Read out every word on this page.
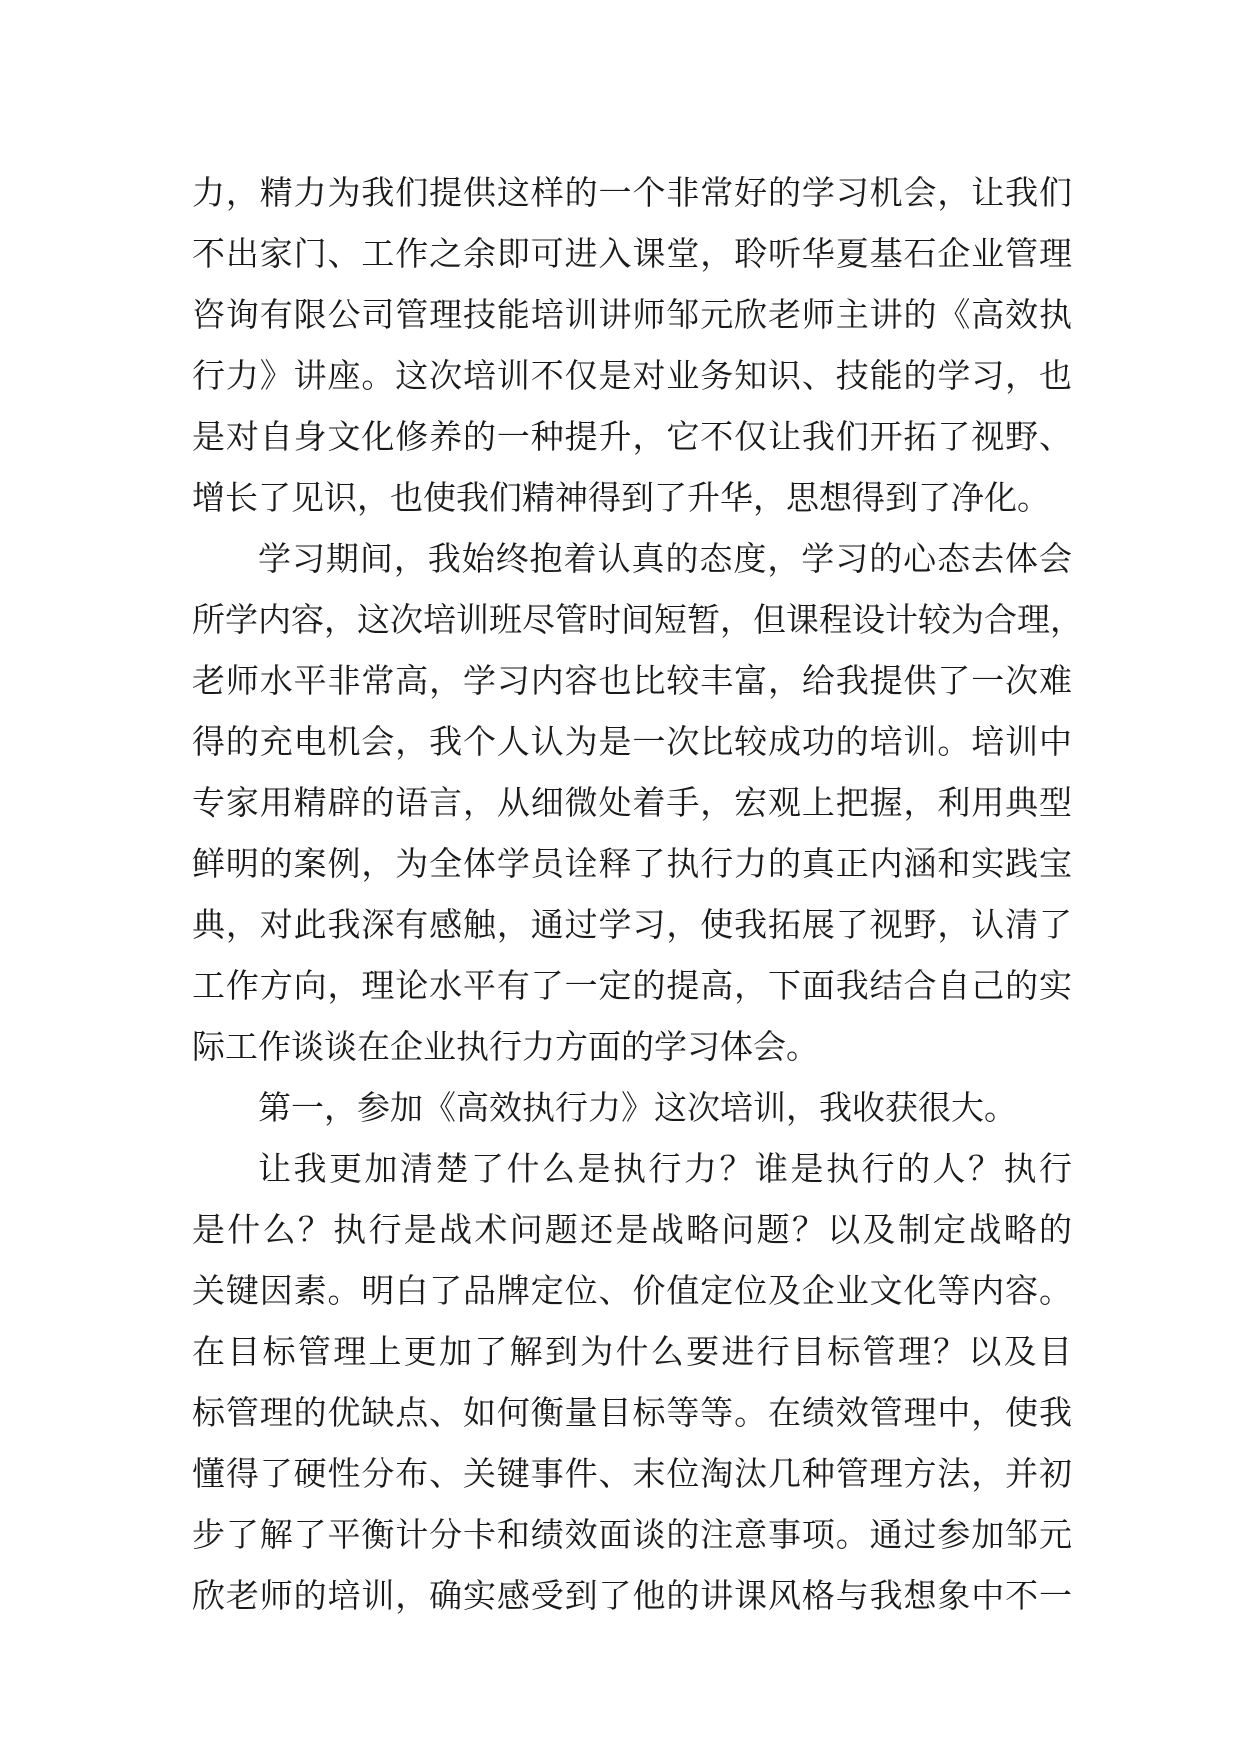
力，精力为我们提供这样的一个非常好的学习机会，让我们
不出家门、工作之余即可进入课堂，聆听华夏基石企业管理
咨询有限公司管理技能培训讲师邹元欣老师主讲的《高效执
行力》讲座。这次培训不仅是对业务知识、技能的学习，也
是对自身文化修养的一种提升，它不仅让我们开拓了视野、
增长了见识，也使我们精神得到了升华，思想得到了净化。
学习期间，我始终抱着认真的态度，学习的心态去体会
所学内容，这次培训班尽管时间短暂，但课程设计较为合理，
老师水平非常高，学习内容也比较丰富，给我提供了一次难
得的充电机会，我个人认为是一次比较成功的培训。培训中
专家用精辟的语言，从细微处着手，宏观上把握，利用典型
鲜明的案例，为全体学员诠释了执行力的真正内涵和实践宝
典，对此我深有感触，通过学习，使我拓展了视野，认清了
工作方向，理论水平有了一定的提高，下面我结合自己的实
际工作谈谈在企业执行力方面的学习体会。
第一，参加《高效执行力》这次培训，我收获很大。
让我更加清楚了什么是执行力？谁是执行的人？执行
是什么？执行是战术问题还是战略问题？以及制定战略的
关键因素。明白了品牌定位、价值定位及企业文化等内容。
在目标管理上更加了解到为什么要进行目标管理？以及目
标管理的优缺点、如何衡量目标等等。在绩效管理中，使我
懂得了硬性分布、关键事件、末位淘汰几种管理方法，并初
步了解了平衡计分卡和绩效面谈的注意事项。通过参加邹元
欣老师的培训，确实感受到了他的讲课风格与我想象中不一
